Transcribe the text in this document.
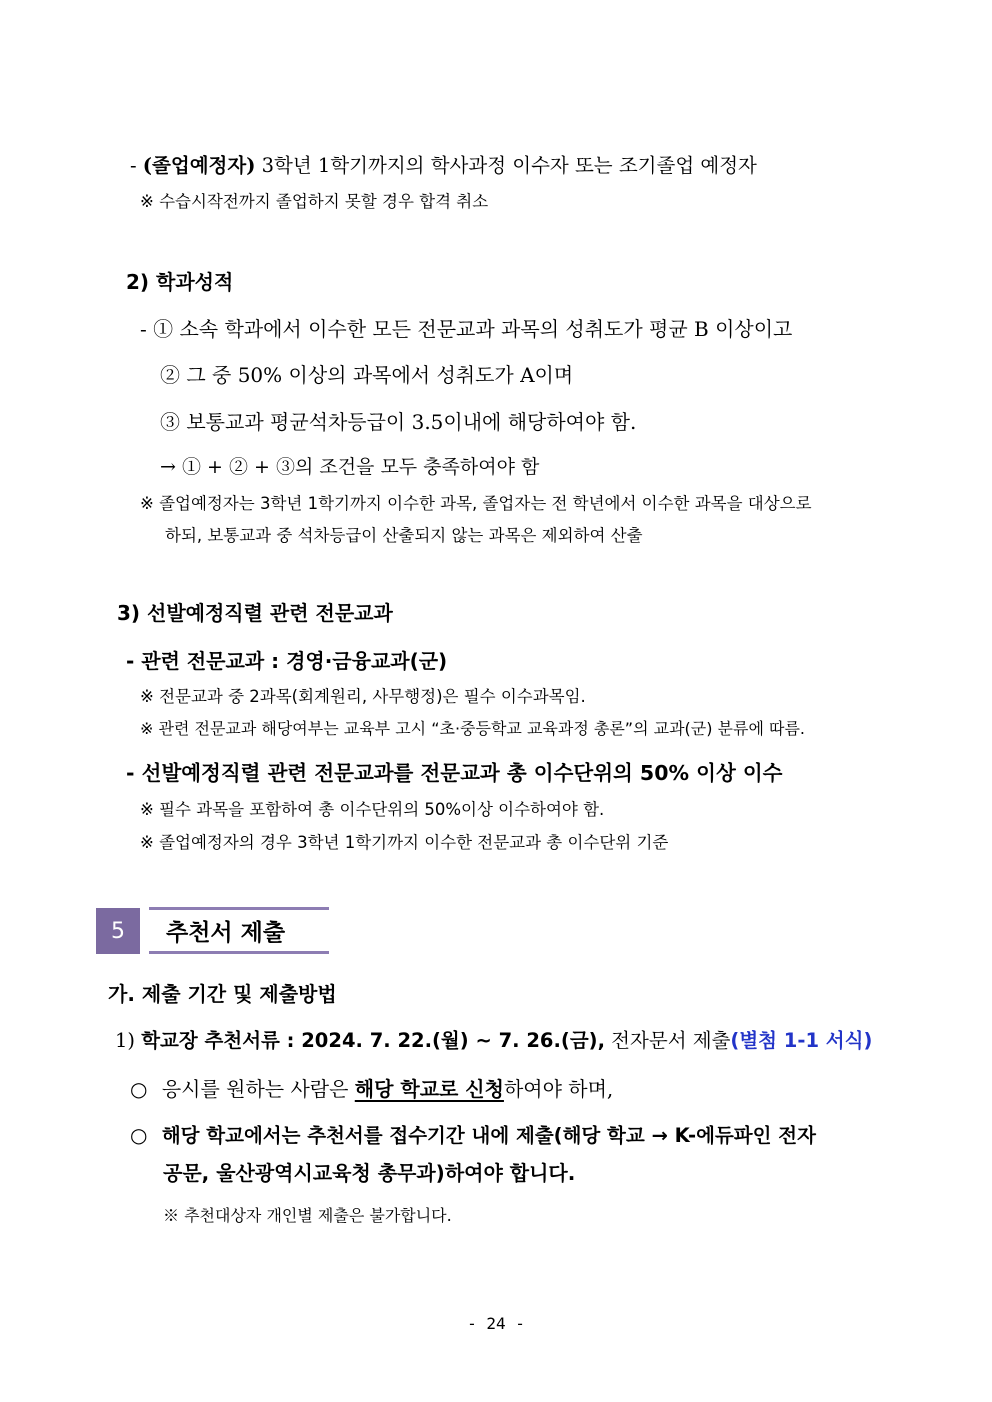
- (졸업예정자) 3학년 1학기까지의 학사과정 이수자 또는 조기졸업 예정자
※ 수습시작전까지 졸업하지 못할 경우 합격 취소
2) 학과성적
- ① 소속 학과에서 이수한 모든 전문교과 과목의 성취도가 평균 B 이상이고
② 그 중 50% 이상의 과목에서 성취도가 A이며
③ 보통교과 평균석차등급이 3.5이내에 해당하여야 함.
→ ① + ② + ③의 조건을 모두 충족하여야 함
※ 졸업예정자는 3학년 1학기까지 이수한 과목, 졸업자는 전 학년에서 이수한 과목을 대상으로
하되, 보통교과 중 석차등급이 산출되지 않는 과목은 제외하여 산출
3) 선발예정직렬 관련 전문교과
- 관련 전문교과 : 경영·금융교과(군)
※ 전문교과 중 2과목(회계원리, 사무행정)은 필수 이수과목임.
※ 관련 전문교과 해당여부는 교육부 고시 “초·중등학교 교육과정 총론”의 교과(군) 분류에 따름.
- 선발예정직렬 관련 전문교과를 전문교과 총 이수단위의 50% 이상 이수
※ 필수 과목을 포함하여 총 이수단위의 50%이상 이수하여야 함.
※ 졸업예정자의 경우 3학년 1학기까지 이수한 전문교과 총 이수단위 기준
5	추천서 제출
가. 제출 기간 및 제출방법
1) 학교장 추천서류 : 2024. 7. 22.(월) ~ 7. 26.(금), 전자문서 제출(별첨 1-1 서식)
○ 응시를 원하는 사람은 해당 학교로 신청하여야 하며,
○ 해당 학교에서는 추천서를 접수기간 내에 제출(해당 학교 → K-에듀파인 전자
공문, 울산광역시교육청 총무과)하여야 합니다.
※ 추천대상자 개인별 제출은 불가합니다.
- 24 -
